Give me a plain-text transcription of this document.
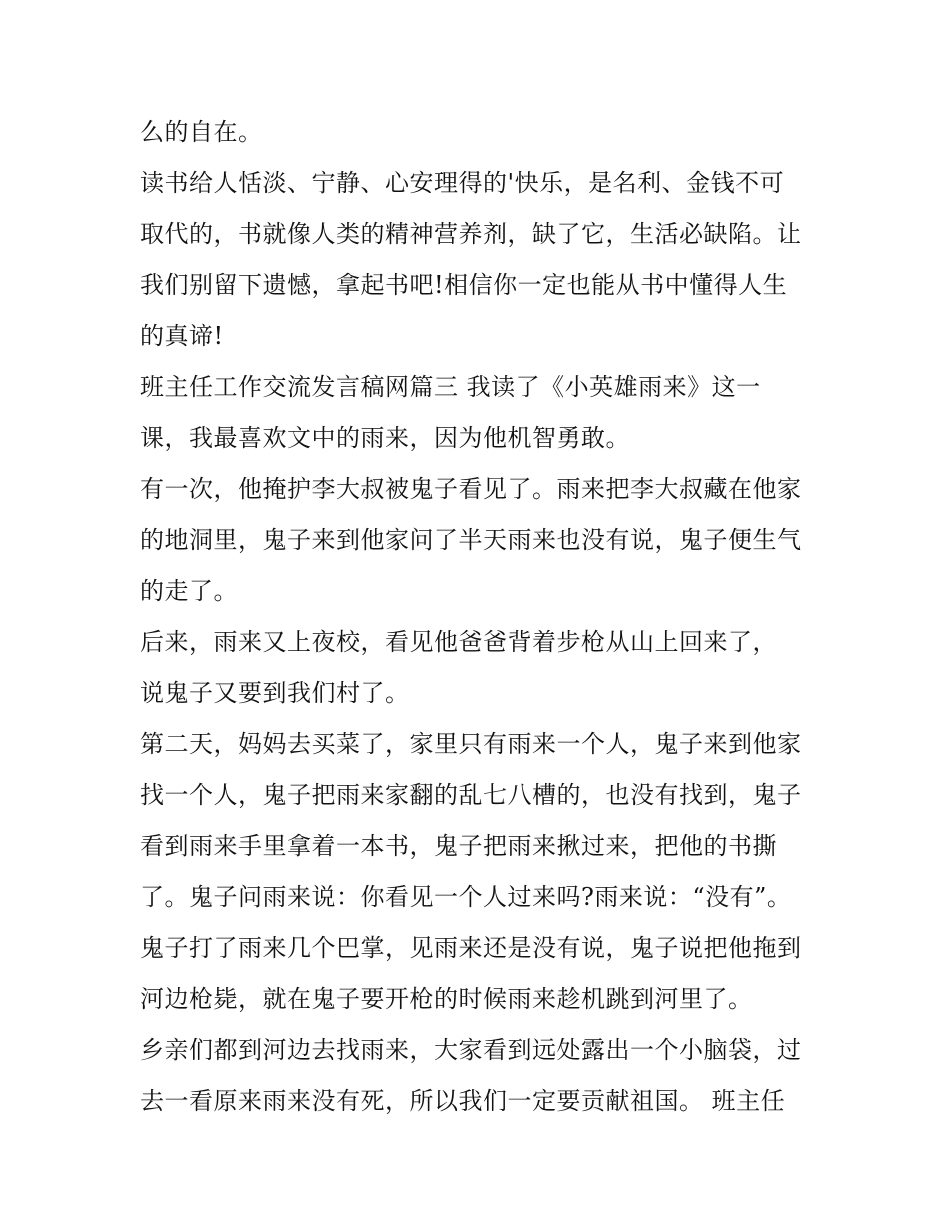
么的自在。
读书给人恬淡、宁静、心安理得的'快乐，是名利、金钱不可
取代的，书就像人类的精神营养剂，缺了它，生活必缺陷。让
我们别留下遗憾，拿起书吧!相信你一定也能从书中懂得人生
的真谛!
班主任工作交流发言稿网篇三 我读了《小英雄雨来》这一
课，我最喜欢文中的雨来，因为他机智勇敢。
有一次，他掩护李大叔被鬼子看见了。雨来把李大叔藏在他家
的地洞里，鬼子来到他家问了半天雨来也没有说，鬼子便生气
的走了。
后来，雨来又上夜校，看见他爸爸背着步枪从山上回来了，
说鬼子又要到我们村了。
第二天，妈妈去买菜了，家里只有雨来一个人，鬼子来到他家
找一个人，鬼子把雨来家翻的乱七八槽的，也没有找到，鬼子
看到雨来手里拿着一本书，鬼子把雨来揪过来，把他的书撕
了。鬼子问雨来说：你看见一个人过来吗?雨来说：“没有”。
鬼子打了雨来几个巴掌，见雨来还是没有说，鬼子说把他拖到
河边枪毙，就在鬼子要开枪的时候雨来趁机跳到河里了。
乡亲们都到河边去找雨来，大家看到远处露出一个小脑袋，过
去一看原来雨来没有死，所以我们一定要贡献祖国。 班主任
